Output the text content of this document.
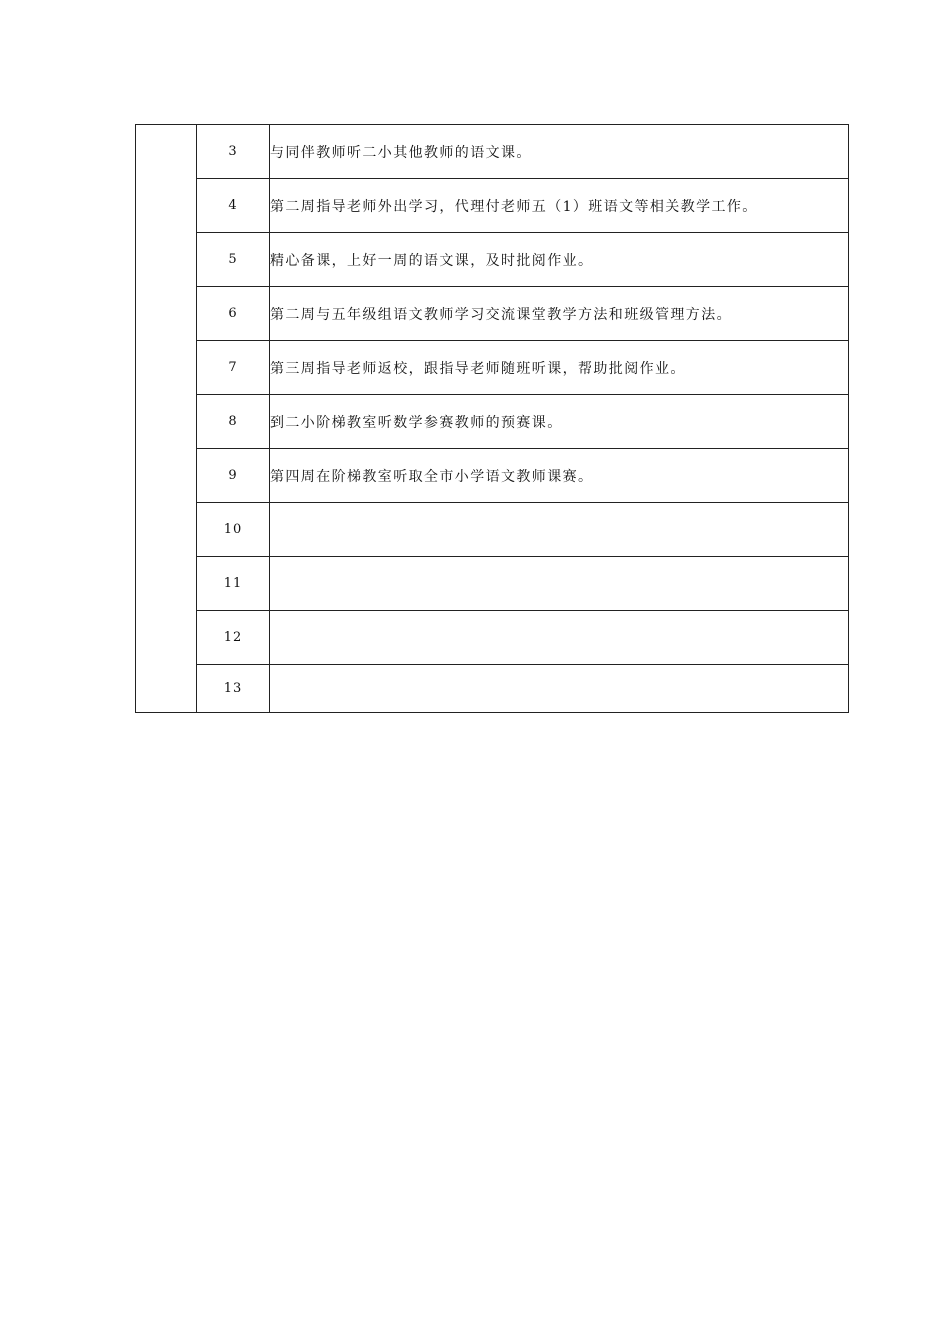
	3	与同伴教师听二小其他教师的语文课。
	4	第二周指导老师外出学习，代理付老师五（1）班语文等相关教学工作。
	5	精心备课，上好一周的语文课，及时批阅作业。
	6	第二周与五年级组语文教师学习交流课堂教学方法和班级管理方法。
	7	第三周指导老师返校，跟指导老师随班听课，帮助批阅作业。
	8	到二小阶梯教室听数学参赛教师的预赛课。
	9	第四周在阶梯教室听取全市小学语文教师课赛。
	10	
	11	
	12	
	13	
